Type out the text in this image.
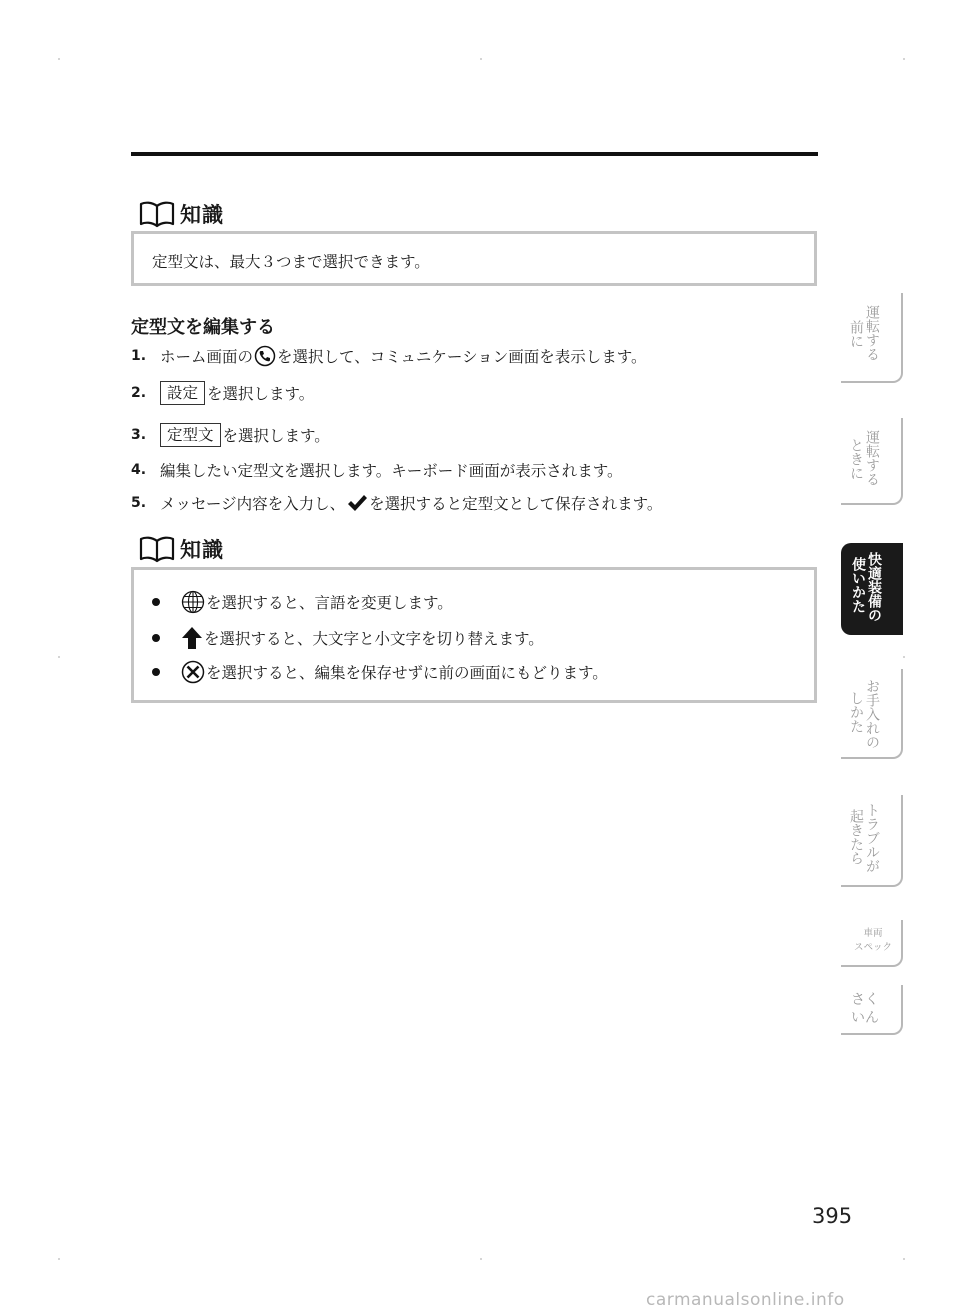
知識
定型文は、最大３つまで選択できます。
定型文を編集する
1. ホーム画面の を選択して、コミュニケーション画面を表示します。
2.	設定 を選択します。
3.	定型文 を選択します。
4. 編集したい定型文を選択します。キーボード画面が表示されます。
5. メッセージ内容を入力し、 を選択すると定型文として保存されます。
知識
を選択すると、言語を変更します。
を選択すると、大文字と小文字を切り替えます。
を選択すると、編集を保存せずに前の画面にもどります。
運転する
前に
運転する
ときに
快適装備の
使いかた
お手入れの
しかた
トラブルが
起きたら
車両
スペック
さく
いん
395
carmanualsonline.info
